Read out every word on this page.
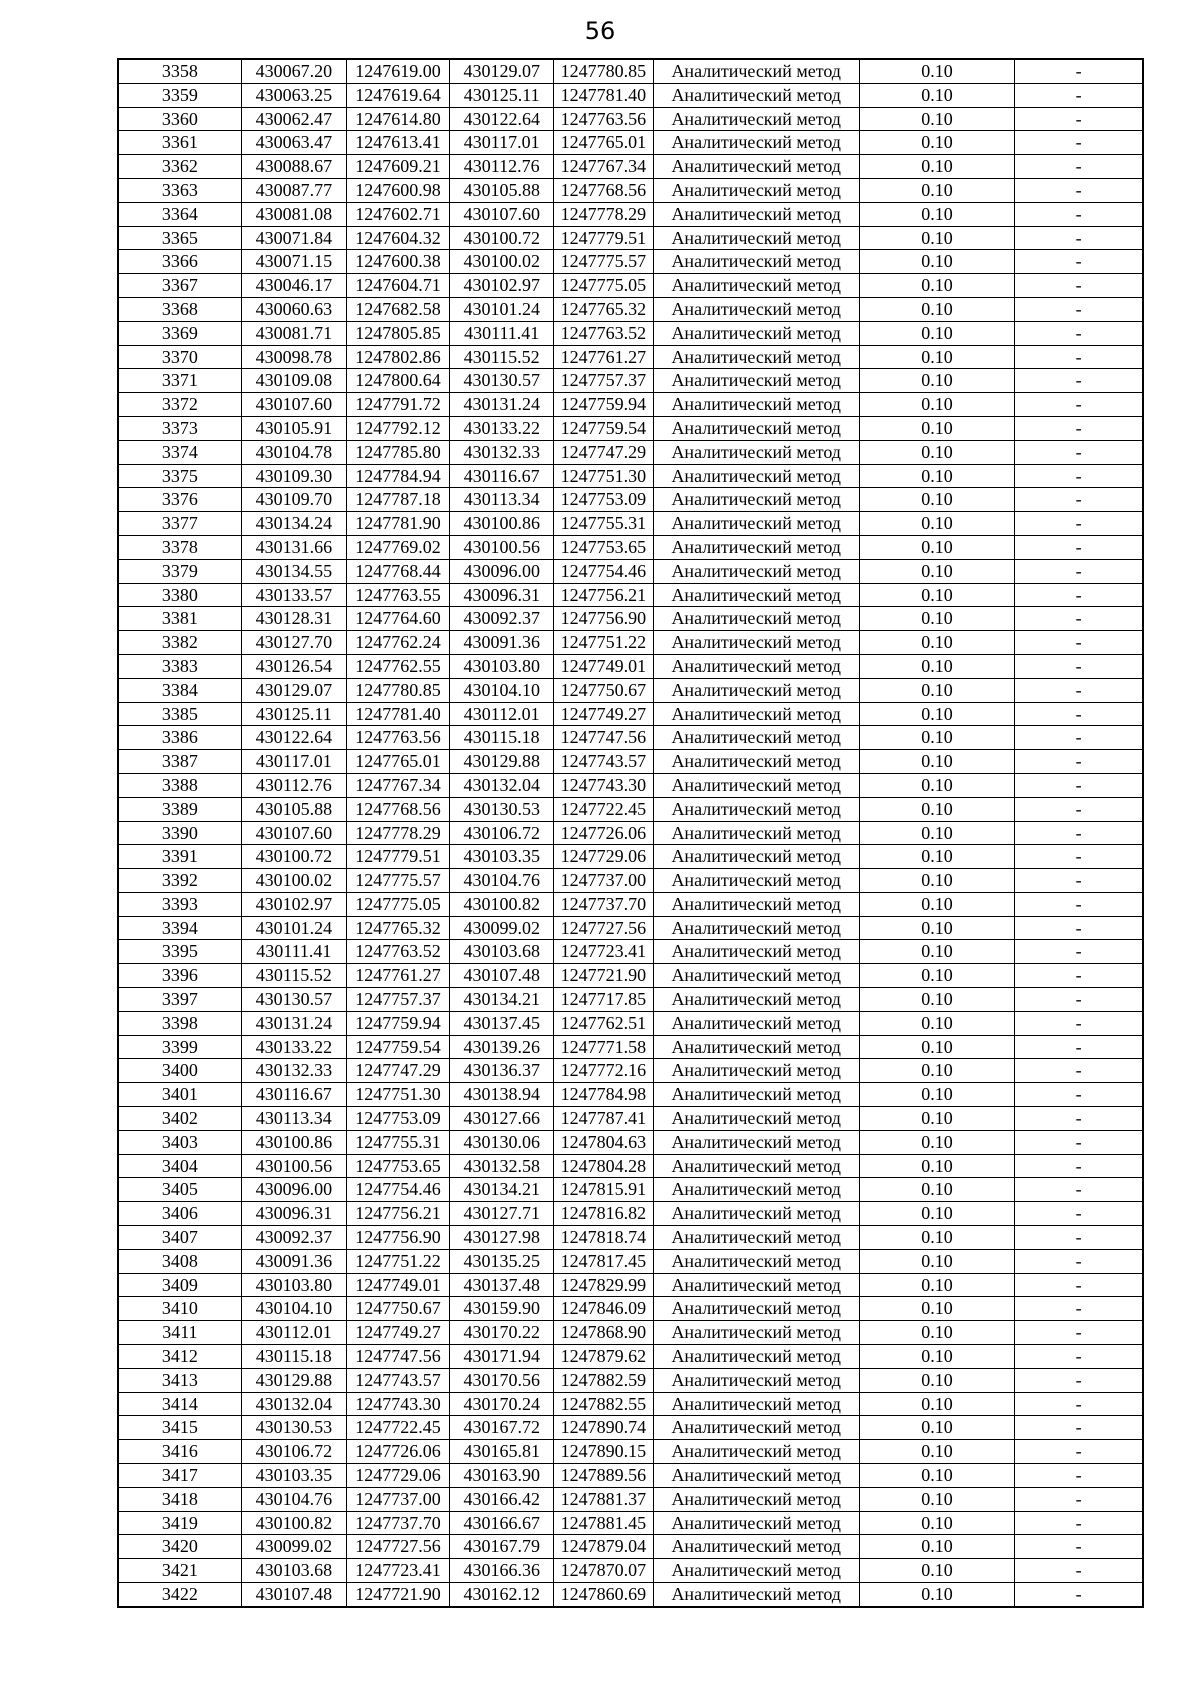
56
3358	430067.20	1247619.00	430129.07	1247780.85	Аналитический метод	0.10	-
3359	430063.25	1247619.64	430125.11	1247781.40	Аналитический метод	0.10	-
3360	430062.47	1247614.80	430122.64	1247763.56	Аналитический метод	0.10	-
3361	430063.47	1247613.41	430117.01	1247765.01	Аналитический метод	0.10	-
3362	430088.67	1247609.21	430112.76	1247767.34	Аналитический метод	0.10	-
3363	430087.77	1247600.98	430105.88	1247768.56	Аналитический метод	0.10	-
3364	430081.08	1247602.71	430107.60	1247778.29	Аналитический метод	0.10	-
3365	430071.84	1247604.32	430100.72	1247779.51	Аналитический метод	0.10	-
3366	430071.15	1247600.38	430100.02	1247775.57	Аналитический метод	0.10	-
3367	430046.17	1247604.71	430102.97	1247775.05	Аналитический метод	0.10	-
3368	430060.63	1247682.58	430101.24	1247765.32	Аналитический метод	0.10	-
3369	430081.71	1247805.85	430111.41	1247763.52	Аналитический метод	0.10	-
3370	430098.78	1247802.86	430115.52	1247761.27	Аналитический метод	0.10	-
3371	430109.08	1247800.64	430130.57	1247757.37	Аналитический метод	0.10	-
3372	430107.60	1247791.72	430131.24	1247759.94	Аналитический метод	0.10	-
3373	430105.91	1247792.12	430133.22	1247759.54	Аналитический метод	0.10	-
3374	430104.78	1247785.80	430132.33	1247747.29	Аналитический метод	0.10	-
3375	430109.30	1247784.94	430116.67	1247751.30	Аналитический метод	0.10	-
3376	430109.70	1247787.18	430113.34	1247753.09	Аналитический метод	0.10	-
3377	430134.24	1247781.90	430100.86	1247755.31	Аналитический метод	0.10	-
3378	430131.66	1247769.02	430100.56	1247753.65	Аналитический метод	0.10	-
3379	430134.55	1247768.44	430096.00	1247754.46	Аналитический метод	0.10	-
3380	430133.57	1247763.55	430096.31	1247756.21	Аналитический метод	0.10	-
3381	430128.31	1247764.60	430092.37	1247756.90	Аналитический метод	0.10	-
3382	430127.70	1247762.24	430091.36	1247751.22	Аналитический метод	0.10	-
3383	430126.54	1247762.55	430103.80	1247749.01	Аналитический метод	0.10	-
3384	430129.07	1247780.85	430104.10	1247750.67	Аналитический метод	0.10	-
3385	430125.11	1247781.40	430112.01	1247749.27	Аналитический метод	0.10	-
3386	430122.64	1247763.56	430115.18	1247747.56	Аналитический метод	0.10	-
3387	430117.01	1247765.01	430129.88	1247743.57	Аналитический метод	0.10	-
3388	430112.76	1247767.34	430132.04	1247743.30	Аналитический метод	0.10	-
3389	430105.88	1247768.56	430130.53	1247722.45	Аналитический метод	0.10	-
3390	430107.60	1247778.29	430106.72	1247726.06	Аналитический метод	0.10	-
3391	430100.72	1247779.51	430103.35	1247729.06	Аналитический метод	0.10	-
3392	430100.02	1247775.57	430104.76	1247737.00	Аналитический метод	0.10	-
3393	430102.97	1247775.05	430100.82	1247737.70	Аналитический метод	0.10	-
3394	430101.24	1247765.32	430099.02	1247727.56	Аналитический метод	0.10	-
3395	430111.41	1247763.52	430103.68	1247723.41	Аналитический метод	0.10	-
3396	430115.52	1247761.27	430107.48	1247721.90	Аналитический метод	0.10	-
3397	430130.57	1247757.37	430134.21	1247717.85	Аналитический метод	0.10	-
3398	430131.24	1247759.94	430137.45	1247762.51	Аналитический метод	0.10	-
3399	430133.22	1247759.54	430139.26	1247771.58	Аналитический метод	0.10	-
3400	430132.33	1247747.29	430136.37	1247772.16	Аналитический метод	0.10	-
3401	430116.67	1247751.30	430138.94	1247784.98	Аналитический метод	0.10	-
3402	430113.34	1247753.09	430127.66	1247787.41	Аналитический метод	0.10	-
3403	430100.86	1247755.31	430130.06	1247804.63	Аналитический метод	0.10	-
3404	430100.56	1247753.65	430132.58	1247804.28	Аналитический метод	0.10	-
3405	430096.00	1247754.46	430134.21	1247815.91	Аналитический метод	0.10	-
3406	430096.31	1247756.21	430127.71	1247816.82	Аналитический метод	0.10	-
3407	430092.37	1247756.90	430127.98	1247818.74	Аналитический метод	0.10	-
3408	430091.36	1247751.22	430135.25	1247817.45	Аналитический метод	0.10	-
3409	430103.80	1247749.01	430137.48	1247829.99	Аналитический метод	0.10	-
3410	430104.10	1247750.67	430159.90	1247846.09	Аналитический метод	0.10	-
3411	430112.01	1247749.27	430170.22	1247868.90	Аналитический метод	0.10	-
3412	430115.18	1247747.56	430171.94	1247879.62	Аналитический метод	0.10	-
3413	430129.88	1247743.57	430170.56	1247882.59	Аналитический метод	0.10	-
3414	430132.04	1247743.30	430170.24	1247882.55	Аналитический метод	0.10	-
3415	430130.53	1247722.45	430167.72	1247890.74	Аналитический метод	0.10	-
3416	430106.72	1247726.06	430165.81	1247890.15	Аналитический метод	0.10	-
3417	430103.35	1247729.06	430163.90	1247889.56	Аналитический метод	0.10	-
3418	430104.76	1247737.00	430166.42	1247881.37	Аналитический метод	0.10	-
3419	430100.82	1247737.70	430166.67	1247881.45	Аналитический метод	0.10	-
3420	430099.02	1247727.56	430167.79	1247879.04	Аналитический метод	0.10	-
3421	430103.68	1247723.41	430166.36	1247870.07	Аналитический метод	0.10	-
3422	430107.48	1247721.90	430162.12	1247860.69	Аналитический метод	0.10	-
